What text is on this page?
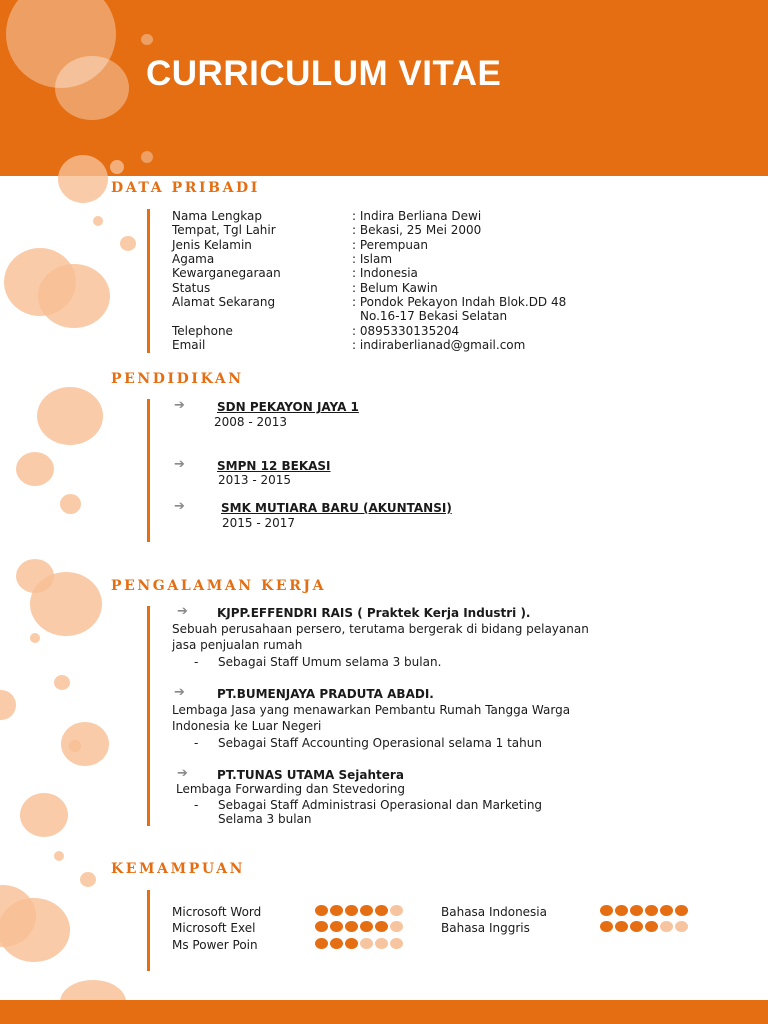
CURRICULUM VITAE
DATA PRIBADI
Nama Lengkap	: Indira Berliana Dewi
Tempat, Tgl Lahir	: Bekasi, 25 Mei 2000
Jenis Kelamin	: Perempuan
Agama	: Islam
Kewarganegaraan	: Indonesia
Status	: Belum Kawin
Alamat Sekarang	: Pondok Pekayon Indah Blok.DD 48
No.16-17 Bekasi Selatan
Telephone	: 0895330135204
Email	: indiraberlianad@gmail.com
PENDIDIKAN
➔	SDN PEKAYON JAYA 1
2008 - 2013
➔	SMPN 12 BEKASI
2013 - 2015
➔	SMK MUTIARA BARU (AKUNTANSI)
2015 - 2017
PENGALAMAN KERJA
➔ KJPP.EFFENDRI RAIS ( Praktek Kerja Industri ).
Sebuah perusahaan persero, terutama bergerak di bidang pelayanan
jasa penjualan rumah
- Sebagai Staff Umum selama 3 bulan.
➔	PT.BUMENJAYA PRADUTA ABADI.
Lembaga Jasa yang menawarkan Pembantu Rumah Tangga Warga
Indonesia ke Luar Negeri
- Sebagai Staff Accounting Operasional selama 1 tahun
➔ PT.TUNAS UTAMA Sejahtera
Lembaga Forwarding dan Stevedoring
- Sebagai Staff Administrasi Operasional dan Marketing
Selama 3 bulan
KEMAMPUAN
Microsoft Word
Microsoft Exel
Ms Power Poin
Bahasa Indonesia
Bahasa Inggris
